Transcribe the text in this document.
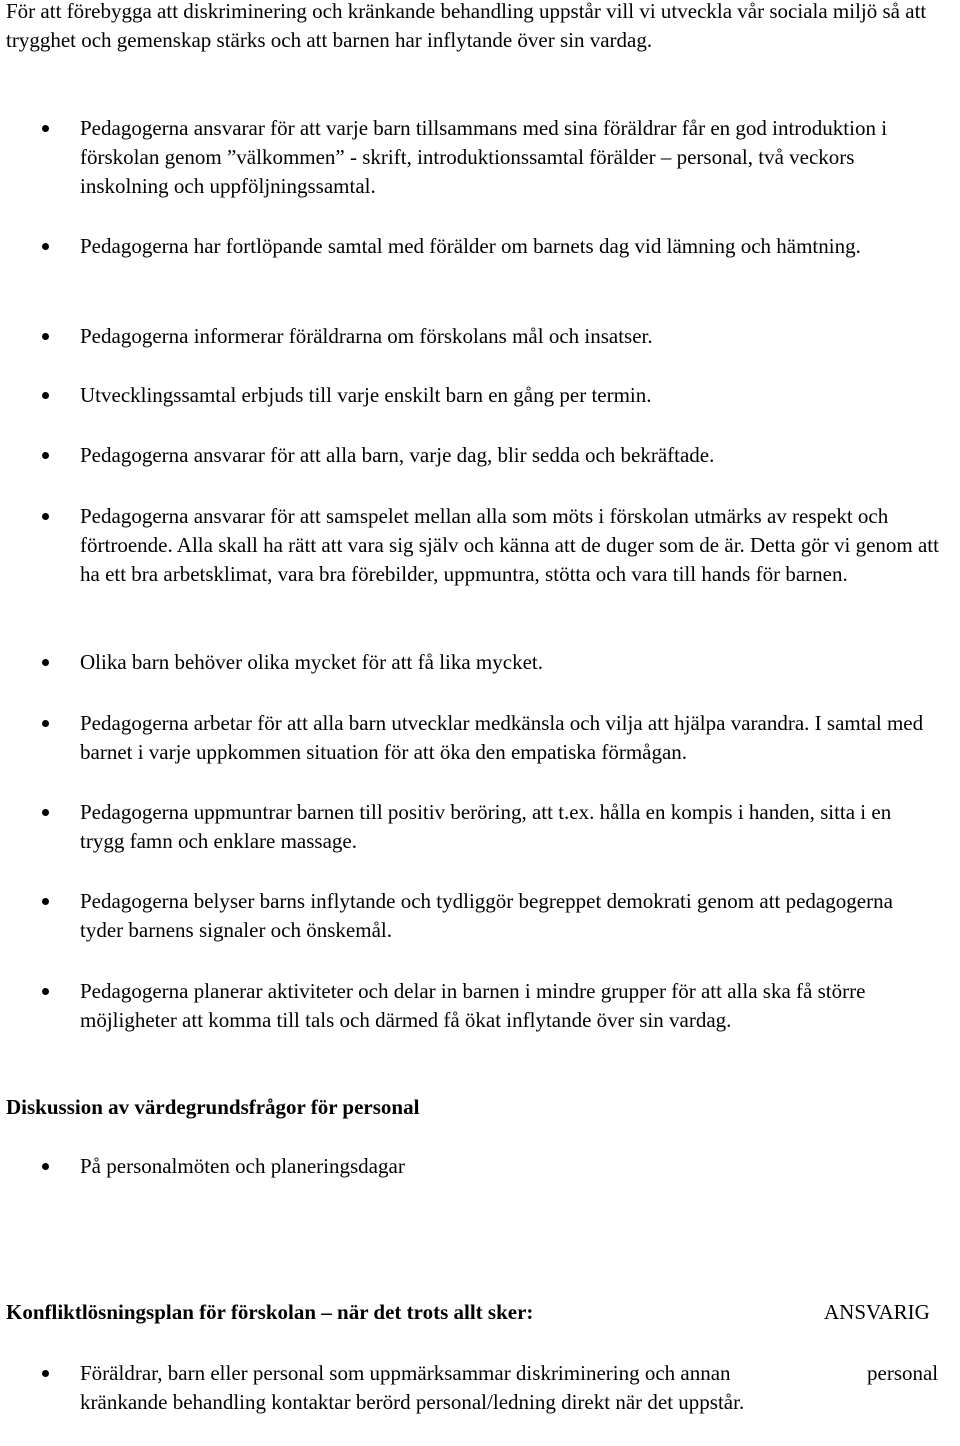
För att förebygga att diskriminering och kränkande behandling uppstår vill vi utveckla vår sociala miljö så att trygghet och gemenskap stärks och att barnen har inflytande över sin vardag.

Pedagogerna ansvarar för att varje barn tillsammans med sina föräldrar får en god introduktion i förskolan genom ”välkommen” - skrift, introduktionssamtal förälder – personal, två veckors inskolning och uppföljningssamtal.
Pedagogerna har fortlöpande samtal med förälder om barnets dag vid lämning och hämtning.
Pedagogerna informerar föräldrarna om förskolans mål och insatser.
Utvecklingssamtal erbjuds till varje enskilt barn en gång per termin.
Pedagogerna ansvarar för att alla barn, varje dag, blir sedda och bekräftade.
Pedagogerna ansvarar för att samspelet mellan alla som möts i förskolan utmärks av respekt och förtroende. Alla skall ha rätt att vara sig själv och känna att de duger som de är. Detta gör vi genom att ha ett bra arbetsklimat, vara bra förebilder, uppmuntra, stötta och vara till hands för barnen.
Olika barn behöver olika mycket för att få lika mycket.
Pedagogerna arbetar för att alla barn utvecklar medkänsla och vilja att hjälpa varandra. I samtal med barnet i varje uppkommen situation för att öka den empatiska förmågan.
Pedagogerna uppmuntrar barnen till positiv beröring, att t.ex. hålla en kompis i handen, sitta i en trygg famn och enklare massage.
Pedagogerna belyser barns inflytande och tydliggör begreppet demokrati genom att pedagogerna tyder barnens signaler och önskemål.
Pedagogerna planerar aktiviteter och delar in barnen i mindre grupper för att alla ska få större möjligheter att komma till tals och därmed få ökat inflytande över sin vardag.
Diskussion av värdegrundsfrågor för personal
På personalmöten och planeringsdagar
Konfliktlösningsplan för förskolan – när det trots allt sker:	ANSVARIG
Föräldrar, barn eller personal som uppmärksammar diskriminering och annan kränkande behandling kontaktar berörd personal/ledning direkt när det uppstår.
personal
